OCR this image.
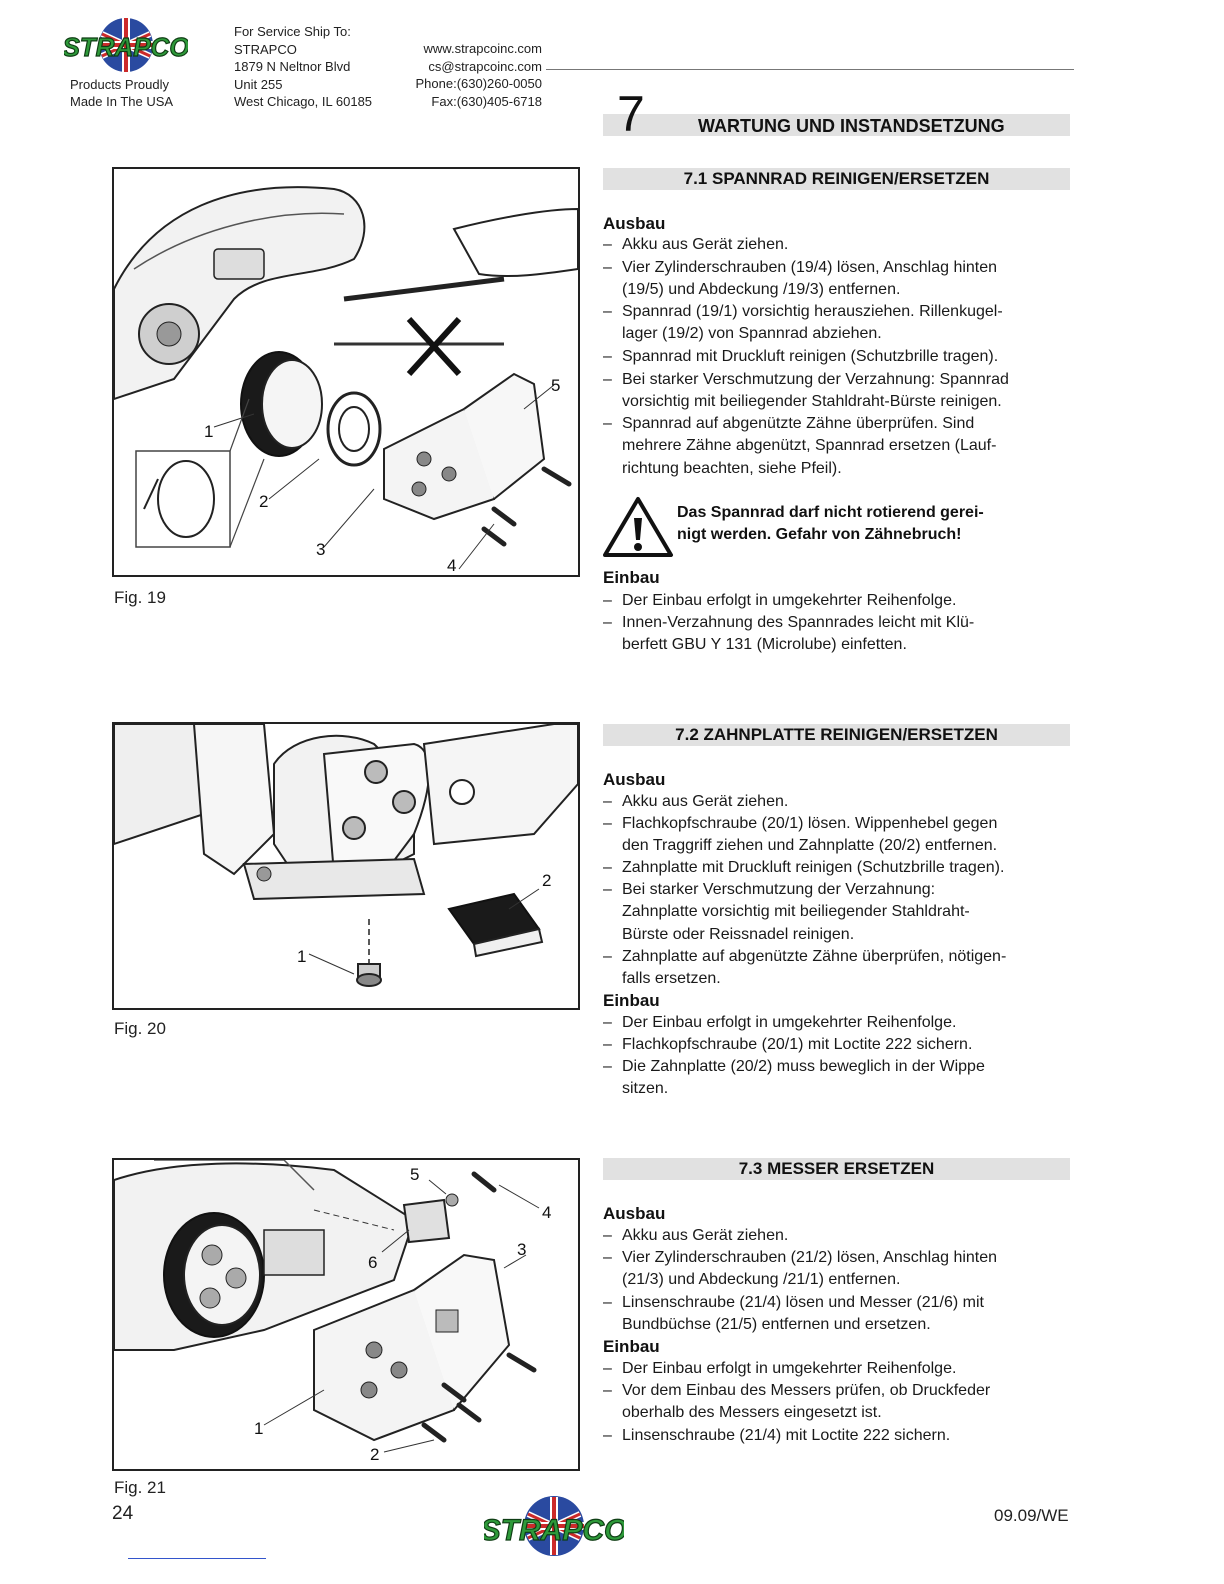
STRAPCO
Products Proudly
Made In The USA
For Service Ship To:
STRAPCO
1879 N Neltnor Blvd
Unit 255
West Chicago, IL 60185
www.strapcoinc.com
cs@strapcoinc.com
Phone:(630)260-0050
Fax:(630)405-6718 7	WARTUNG UND INSTANDSETZUNG
7.1 SPANNRAD REINIGEN/ERSETZEN
Ausbau
– Akku aus Gerät ziehen.
– Vier Zylinderschrauben (19/4) lösen, Anschlag hinten
(19/5) und Abdeckung /19/3) entfernen.
– Spannrad (19/1) vorsichtig herausziehen. Rillenkugel-
lager (19/2) von Spannrad abziehen.
– Spannrad mit Druckluft reinigen (Schutzbrille tragen).
– Bei starker Verschmutzung der Verzahnung: Spannrad
vorsichtig mit beiliegender Stahldraht-Bürste reinigen.
– Spannrad auf abgenützte Zähne überprüfen. Sind
mehrere Zähne abgenützt, Spannrad ersetzen (Lauf-
richtung beachten, siehe Pfeil).
Das Spannrad darf nicht rotierend gerei-
nigt werden. Gefahr von Zähnebruch!
Einbau
– Der Einbau erfolgt in umgekehrter Reihenfolge.
– Innen-Verzahnung des Spannrades leicht mit Klü-
berfett GBU Y 131 (Microlube) einfetten.
1
2
3
4
5
Fig. 19
7.2 ZAHNPLATTE REINIGEN/ERSETZEN
Ausbau
– Akku aus Gerät ziehen.
– Flachkopfschraube (20/1) lösen. Wippenhebel gegen
den Traggriff ziehen und Zahnplatte (20/2) entfernen.
– Zahnplatte mit Druckluft reinigen (Schutzbrille tragen).
– Bei starker Verschmutzung der Verzahnung:
Zahnplatte vorsichtig mit beiliegender Stahldraht-
Bürste oder Reissnadel reinigen.
– Zahnplatte auf abgenützte Zähne überprüfen, nötigen-
falls ersetzen.
Einbau
– Der Einbau erfolgt in umgekehrter Reihenfolge.
– Flachkopfschraube (20/1) mit Loctite 222 sichern.
– Die Zahnplatte (20/2) muss beweglich in der Wippe
sitzen.
1
2
Fig. 20
7.3 MESSER ERSETZEN
Ausbau
– Akku aus Gerät ziehen.
– Vier Zylinderschrauben (21/2) lösen, Anschlag hinten
(21/3) und Abdeckung /21/1) entfernen.
– Linsenschraube (21/4) lösen und Messer (21/6) mit
Bundbüchse (21/5) entfernen und ersetzen.
Einbau
– Der Einbau erfolgt in umgekehrter Reihenfolge.
– Vor dem Einbau des Messers prüfen, ob Druckfeder
oberhalb des Messers eingesetzt ist.
– Linsenschraube (21/4) mit Loctite 222 sichern.
1
2
3
4
5
6
Fig. 21
24
STRAPCO	09.09/WE
